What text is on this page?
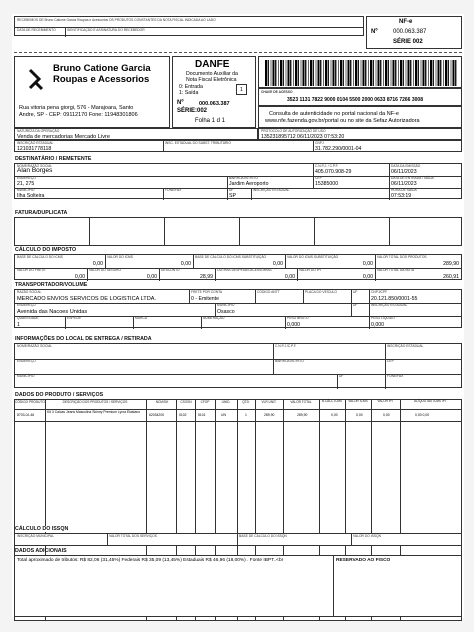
RECEBEMOS DE Bruno Catione Garcia Roupas e Acessorios OS PRODUTOS CONSTANTES DA NOTA FISCAL INDICADA AO LADO
DATA DE RECEBIMENTO	IDENTIFICAÇÃO E ASSINATURA DO RECEBEDOR
NF-e
Nº	000.063.387
SÉRIE 002
Bruno Catione Garcia
Roupas e Acessorios
Rua vitoria pena giorgi, 576 - Marajoara, Santo
Andre, SP - CEP: 09112170 Fone: 11948301806
DANFE
Documento Auxiliar da
Nota Fiscal Eletrônica
0: Entrada
1: Saída	1
Nº	000.063.387
SÉRIE:002
Folha 1 d 1
CHAVE DE ACESSO
3523 1131 7822 9000 0104 5500 2000 0633 8716 7266 3008
Consulta de autenticidade no portal nacional da NF-e
www.nfe.fazenda.gov.br/portal ou no site da Sefaz Autorizadora
NATUREZA DA OPERAÇÃO
Venda de mercadorias Mercado Livre
PROTOCOLO DE AUTORIZAÇÃO DE USO
135231895712 06/11/2023 07:53:20
INSCRIÇÃO ESTADUAL
121031778118
INSC. ESTADUAL DO SUBST. TRIBUTÁRIO	CNPJ
31.782.290/0001-04
DESTINATÁRIO / REMETENTE
NOME/RAZÃO SOCIAL
Alan Borges
C.N.P.J. / C.P.F.
405.070.908-29
DATA DA EMISSÃO
06/11/2023
ENDEREÇO
21, 275
BAIRRO/DISTRITO
Jardim Aeroporto
CEP
15385000
DATA DE ENTRADA / SAÍDA
06/11/2023
MUNICÍPIO
Ilha Solteira
FONE/FAX	UF
SP
INSCRIÇÃO ESTADUAL	HORA DE SAÍDA
07:53:19
FATURA/DUPLICATA
CÁLCULO DO IMPOSTO
BASE DE CÁLCULO DO ICMS
0,00
VALOR DO ICMS
0,00
BASE DE CÁLCULO DO ICMS SUBSTITUIÇÃO
0,00
VALOR DO ICMS SUBSTITUIÇÃO
0,00
VALOR TOTAL DOS PRODUTOS
289,90
VALOR DO FRETE
0,00
VALOR DO SEGURO
0,00
DESCONTO
28,99
OUTRAS DESPESAS ACESSÓRIAS
0,00
VALOR DO IPI
0,00
VALOR TOTAL DA NOTA
260,91
TRANSPORTADOR/VOLUME
RAZÃO SOCIAL
MERCADO ENVIOS SERVICOS DE LOGISTICA LTDA.
FRETE POR CONTA
0 - Emitente
CÓDIGO ANTT	PLACA DO VEÍCULO	UF	CNPJ/CPF
20.121.850/0001-55
ENDEREÇO
Avenida das Nacoes Unidas
MUNICÍPIO
Osasco
UF	INSCRIÇÃO ESTADUAL
QUANTIDADE
1
ESPÉCIE	MARCA	NUMERAÇÃO	PESO BRUTO
0,000
PESO LÍQUIDO
0,000
INFORMAÇÕES DO LOCAL DE ENTREGA / RETIRADA
NOME/RAZÃO SOCIAL	C.N.P.J./C.P.F.	INSCRIÇÃO ESTADUAL
ENDEREÇO	BAIRRO/DISTRITO	CEP
MUNICÍPIO	UF	FONE/FAX
DADOS DO PRODUTO / SERVIÇOS
CÓDIGO PRODUTO	DESCRIÇÃO DOS PRODUTOS / SERVIÇOS	NCM/SH	CSOSN	CFOP	UNID.	QTD.	VLR UNIT.	VALOR TOTAL	B.CÁLC ICMS	VALOR ICMS	VALOR IPI	ALÍQUOTAS ICMS IPI
8703-0J-46
Kit 3 Calcas Jeans Masculina Skinny Premium Lycra Elastano
62034200	0102	5101	UN	1	289,90	289,90	0,00	0,00	0,00	0,00 0,00
CÁLCULO DO ISSQN
INSCRIÇÃO MUNICIPAL	VALOR TOTAL DOS SERVIÇOS	BASE DE CÁLCULO DO ISSQN	VALOR DO ISSQN
DADOS ADICIONAIS
Total aproximado de tributos: R$ 82,06 (31,45%) Federais R$ 35,09 (13,45%) Estaduais R$ 46,96 (18,00%) . Fonte IBPT..<br	RESERVADO AO FISCO
